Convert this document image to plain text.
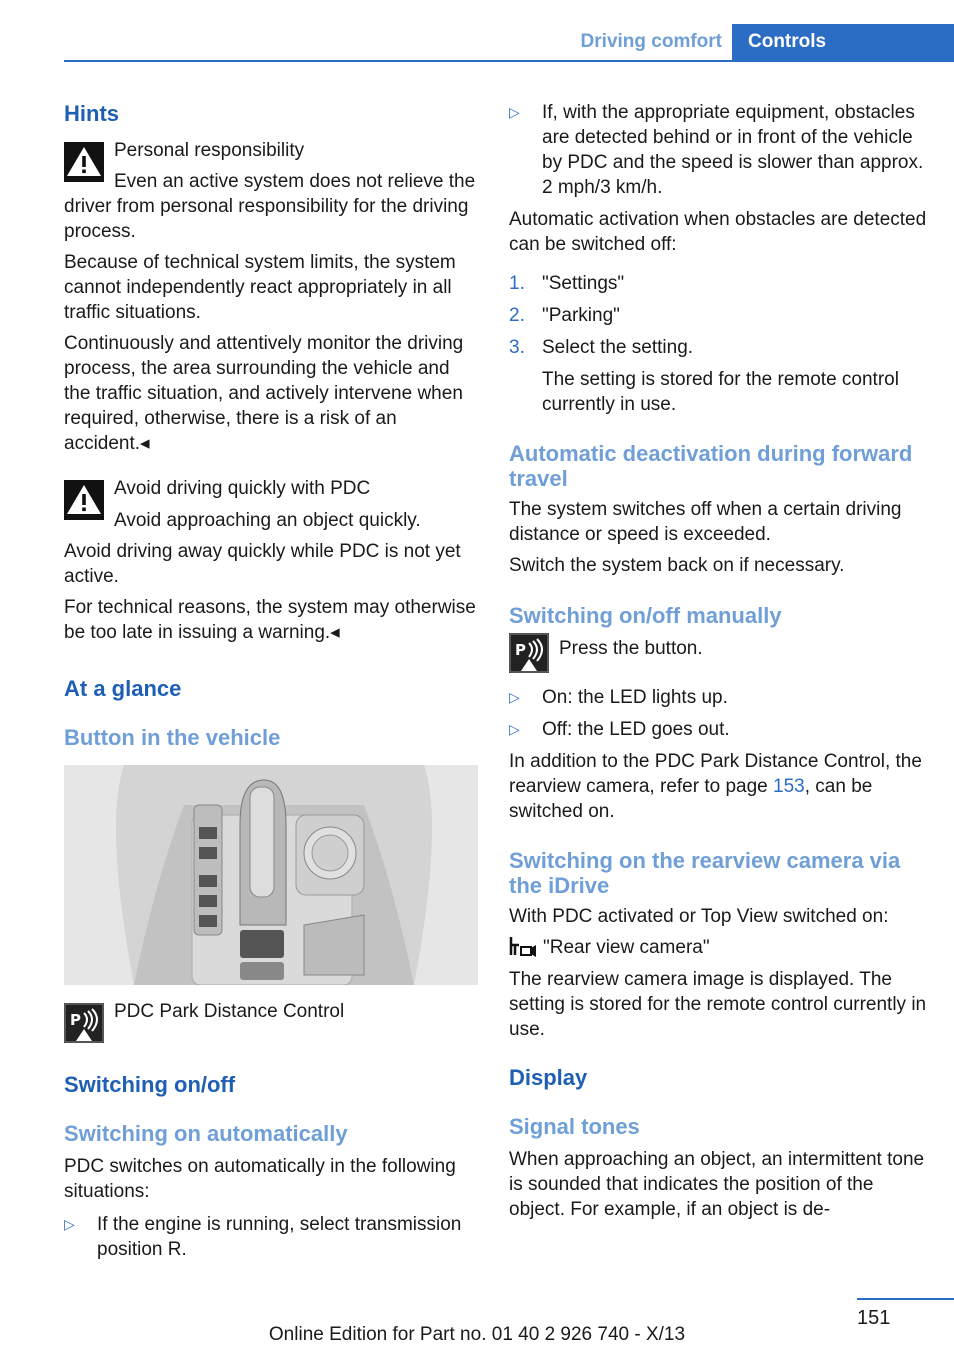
Driving comfort	Controls
Hints
Personal responsibility

Even an active system does not relieve the driver from personal responsibility for the driving process.

Because of technical system limits, the system cannot independently react appropriately in all traffic situations.

Continuously and attentively monitor the driving process, the area surrounding the vehicle and the traffic situation, and actively intervene when required, otherwise, there is a risk of an accident.◂

Avoid driving quickly with PDC
Avoid approaching an object quickly.

Avoid driving away quickly while PDC is not yet active.

For technical reasons, the system may otherwise be too late in issuing a warning.◂

At a glance
Button in the vehicle
P PDC Park Distance Control
Switching on/off
Switching on automatically

PDC switches on automatically in the following situations:

▷	If the engine is running, select transmission position R.
▷	If, with the appropriate equipment, obstacles are detected behind or in front of the vehicle by PDC and the speed is slower than approx. 2 mph/3 km/h.

Automatic activation when obstacles are detected can be switched off:

1. "Settings"
2. "Parking"
3. Select the setting.

The setting is stored for the remote control currently in use.

Automatic deactivation during forward travel

The system switches off when a certain driving distance or speed is exceeded.

Switch the system back on if necessary.

Switching on/off manually
P Press the button.
▷	On: the LED lights up.
▷	Off: the LED goes out.

In addition to the PDC Park Distance Control, the rearview camera, refer to page 153, can be switched on.

Switching on the rearview camera via the iDrive

With PDC activated or Top View switched on:

"Rear view camera"

The rearview camera image is displayed. The setting is stored for the remote control currently in use.

Display
Signal tones

When approaching an object, an intermittent tone is sounded that indicates the position of the object. For example, if an object is de-

151
Online Edition for Part no. 01 40 2 926 740 - X/13
